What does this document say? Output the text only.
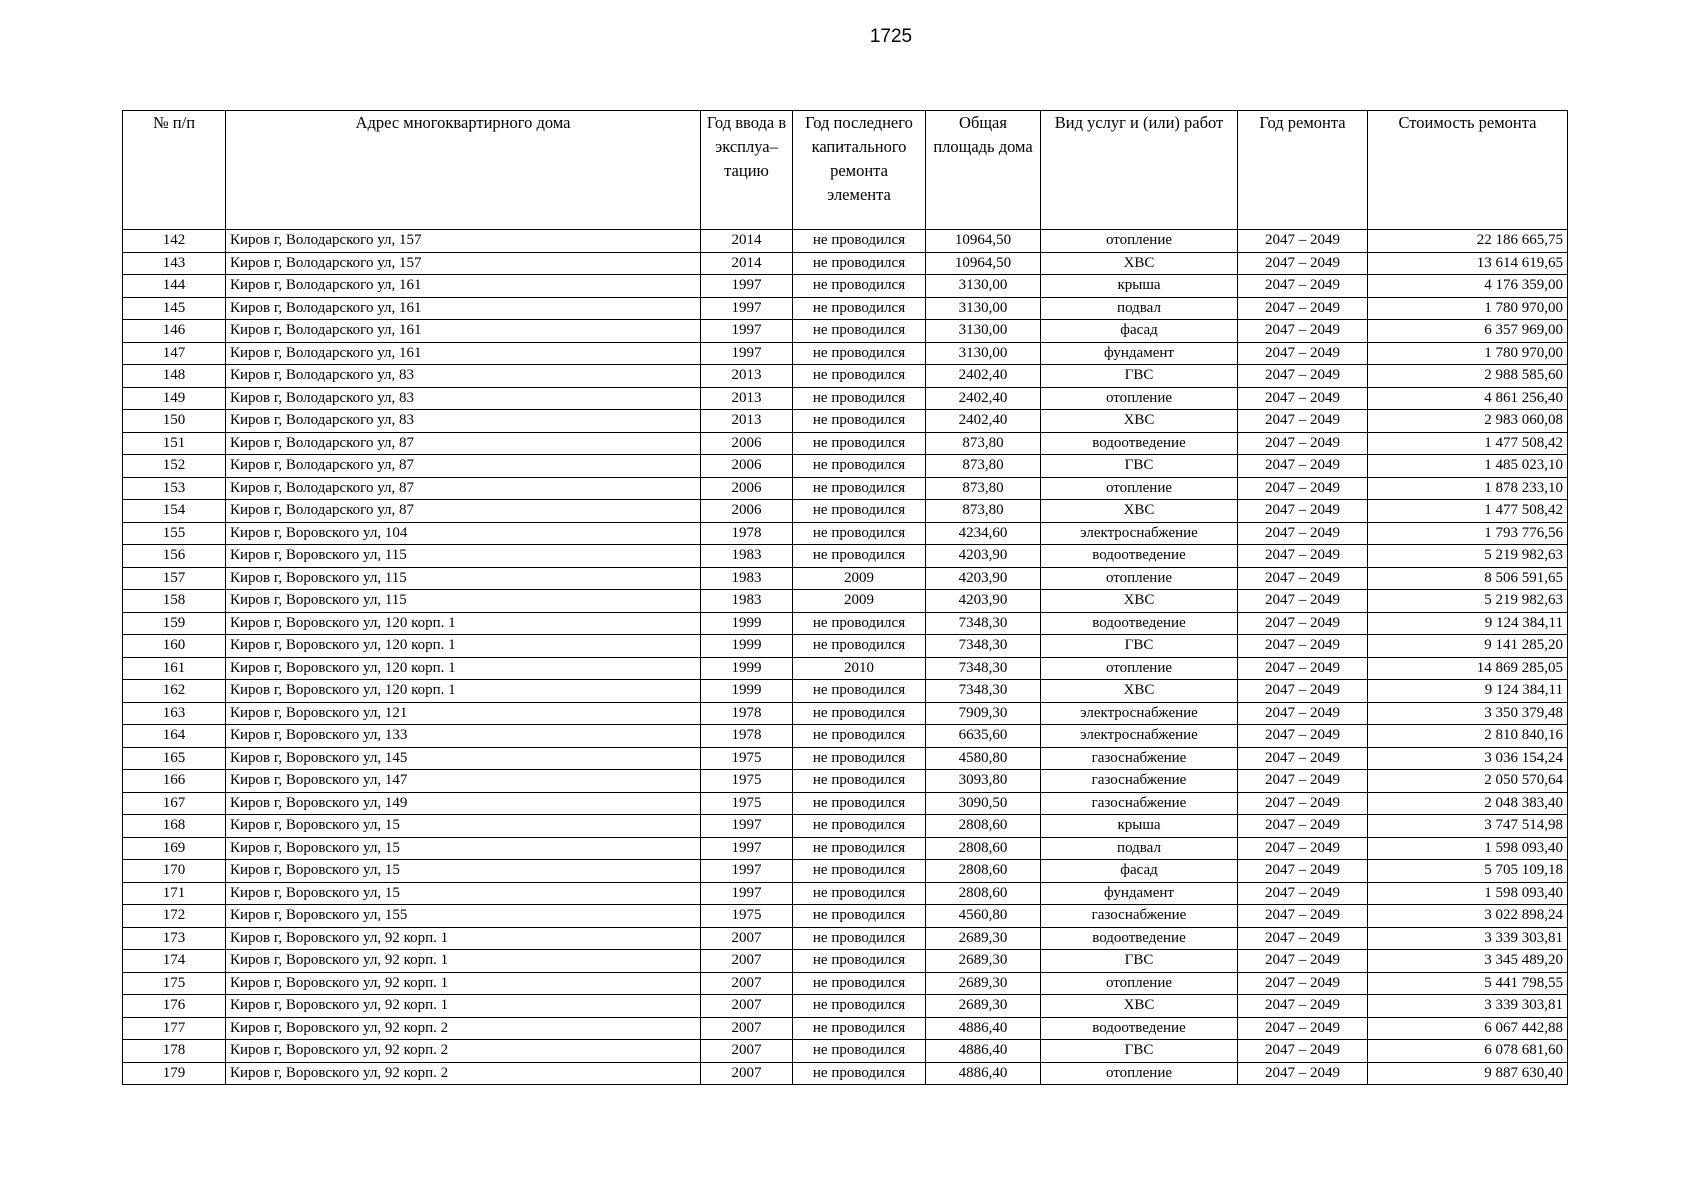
1725
№ п/п	Адрес многоквартирного дома	Год ввода в эксплуа– тацию	Год последнего капитального ремонта элемента	Общая площадь дома	Вид услуг и (или) работ	Год ремонта	Стоимость ремонта
142	Киров г, Володарского ул, 157	2014	не проводился	10964,50	отопление	2047 – 2049	22 186 665,75
143	Киров г, Володарского ул, 157	2014	не проводился	10964,50	ХВС	2047 – 2049	13 614 619,65
144	Киров г, Володарского ул, 161	1997	не проводился	3130,00	крыша	2047 – 2049	4 176 359,00
145	Киров г, Володарского ул, 161	1997	не проводился	3130,00	подвал	2047 – 2049	1 780 970,00
146	Киров г, Володарского ул, 161	1997	не проводился	3130,00	фасад	2047 – 2049	6 357 969,00
147	Киров г, Володарского ул, 161	1997	не проводился	3130,00	фундамент	2047 – 2049	1 780 970,00
148	Киров г, Володарского ул, 83	2013	не проводился	2402,40	ГВС	2047 – 2049	2 988 585,60
149	Киров г, Володарского ул, 83	2013	не проводился	2402,40	отопление	2047 – 2049	4 861 256,40
150	Киров г, Володарского ул, 83	2013	не проводился	2402,40	ХВС	2047 – 2049	2 983 060,08
151	Киров г, Володарского ул, 87	2006	не проводился	873,80	водоотведение	2047 – 2049	1 477 508,42
152	Киров г, Володарского ул, 87	2006	не проводился	873,80	ГВС	2047 – 2049	1 485 023,10
153	Киров г, Володарского ул, 87	2006	не проводился	873,80	отопление	2047 – 2049	1 878 233,10
154	Киров г, Володарского ул, 87	2006	не проводился	873,80	ХВС	2047 – 2049	1 477 508,42
155	Киров г, Воровского ул, 104	1978	не проводился	4234,60	электроснабжение	2047 – 2049	1 793 776,56
156	Киров г, Воровского ул, 115	1983	не проводился	4203,90	водоотведение	2047 – 2049	5 219 982,63
157	Киров г, Воровского ул, 115	1983	2009	4203,90	отопление	2047 – 2049	8 506 591,65
158	Киров г, Воровского ул, 115	1983	2009	4203,90	ХВС	2047 – 2049	5 219 982,63
159	Киров г, Воровского ул, 120 корп. 1	1999	не проводился	7348,30	водоотведение	2047 – 2049	9 124 384,11
160	Киров г, Воровского ул, 120 корп. 1	1999	не проводился	7348,30	ГВС	2047 – 2049	9 141 285,20
161	Киров г, Воровского ул, 120 корп. 1	1999	2010	7348,30	отопление	2047 – 2049	14 869 285,05
162	Киров г, Воровского ул, 120 корп. 1	1999	не проводился	7348,30	ХВС	2047 – 2049	9 124 384,11
163	Киров г, Воровского ул, 121	1978	не проводился	7909,30	электроснабжение	2047 – 2049	3 350 379,48
164	Киров г, Воровского ул, 133	1978	не проводился	6635,60	электроснабжение	2047 – 2049	2 810 840,16
165	Киров г, Воровского ул, 145	1975	не проводился	4580,80	газоснабжение	2047 – 2049	3 036 154,24
166	Киров г, Воровского ул, 147	1975	не проводился	3093,80	газоснабжение	2047 – 2049	2 050 570,64
167	Киров г, Воровского ул, 149	1975	не проводился	3090,50	газоснабжение	2047 – 2049	2 048 383,40
168	Киров г, Воровского ул, 15	1997	не проводился	2808,60	крыша	2047 – 2049	3 747 514,98
169	Киров г, Воровского ул, 15	1997	не проводился	2808,60	подвал	2047 – 2049	1 598 093,40
170	Киров г, Воровского ул, 15	1997	не проводился	2808,60	фасад	2047 – 2049	5 705 109,18
171	Киров г, Воровского ул, 15	1997	не проводился	2808,60	фундамент	2047 – 2049	1 598 093,40
172	Киров г, Воровского ул, 155	1975	не проводился	4560,80	газоснабжение	2047 – 2049	3 022 898,24
173	Киров г, Воровского ул, 92 корп. 1	2007	не проводился	2689,30	водоотведение	2047 – 2049	3 339 303,81
174	Киров г, Воровского ул, 92 корп. 1	2007	не проводился	2689,30	ГВС	2047 – 2049	3 345 489,20
175	Киров г, Воровского ул, 92 корп. 1	2007	не проводился	2689,30	отопление	2047 – 2049	5 441 798,55
176	Киров г, Воровского ул, 92 корп. 1	2007	не проводился	2689,30	ХВС	2047 – 2049	3 339 303,81
177	Киров г, Воровского ул, 92 корп. 2	2007	не проводился	4886,40	водоотведение	2047 – 2049	6 067 442,88
178	Киров г, Воровского ул, 92 корп. 2	2007	не проводился	4886,40	ГВС	2047 – 2049	6 078 681,60
179	Киров г, Воровского ул, 92 корп. 2	2007	не проводился	4886,40	отопление	2047 – 2049	9 887 630,40
